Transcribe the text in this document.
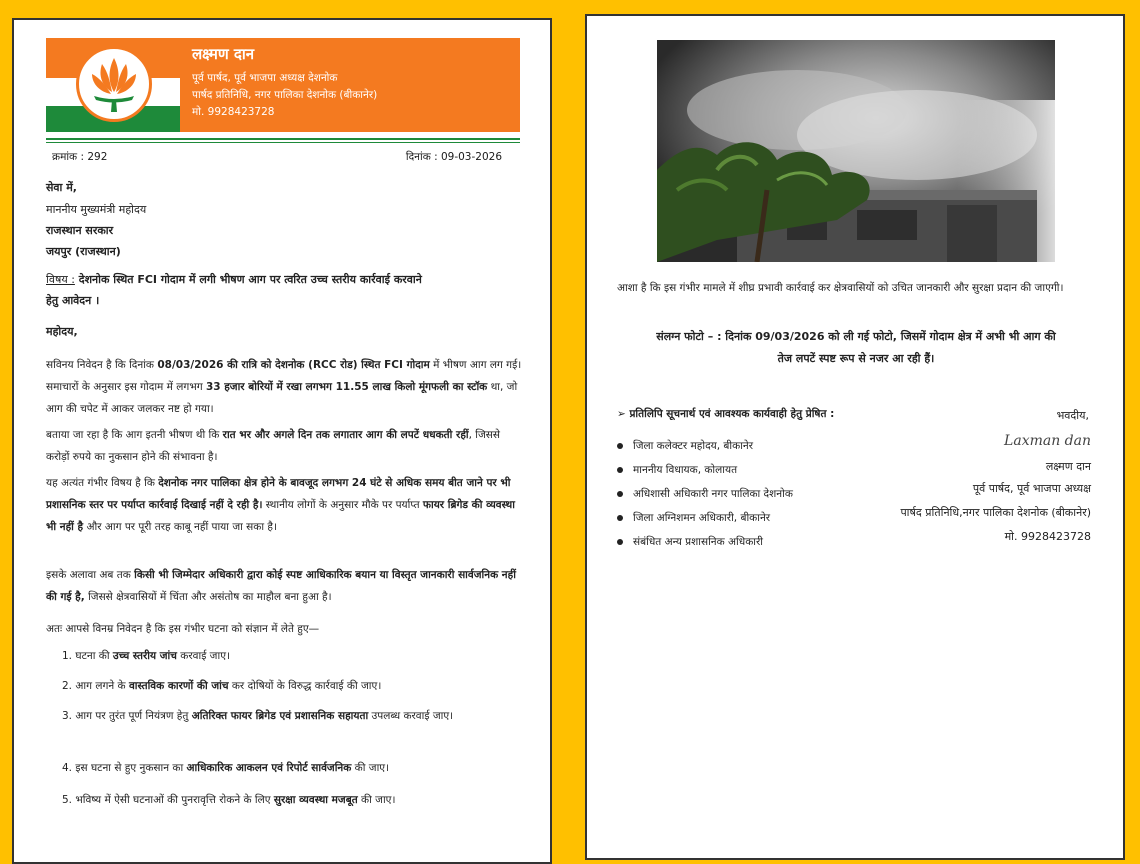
लक्ष्मण दान
पूर्व पार्षद, पूर्व भाजपा अध्यक्ष देशनोक
पार्षद प्रतिनिधि, नगर पालिका देशनोक (बीकानेर)
मो. 9928423728
क्रमांक : 292	दिनांक : 09-03-2026
सेवा में,
माननीय मुख्यमंत्री महोदय
राजस्थान सरकार
जयपुर (राजस्थान)
विषय : देशनोक स्थित FCI गोदाम में लगी भीषण आग पर त्वरित उच्च स्तरीय कार्रवाई करवाने
हेतु आवेदन ।
महोदय,
सविनय निवेदन है कि दिनांक 08/03/2026 की रात्रि को देशनोक (RCC रोड) स्थित FCI गोदाम में भीषण आग लग गई। समाचारों के अनुसार इस गोदाम में लगभग 33 हजार बोरियों में रखा लगभग 11.55 लाख किलो मूंगफली का स्टॉक था, जो आग की चपेट में आकर जलकर नष्ट हो गया।
बताया जा रहा है कि आग इतनी भीषण थी कि रात भर और अगले दिन तक लगातार आग की लपटें धधकती रहीं, जिससे करोड़ों रुपये का नुकसान होने की संभावना है।
यह अत्यंत गंभीर विषय है कि देशनोक नगर पालिका क्षेत्र होने के बावजूद लगभग 24 घंटे से अधिक समय बीत जाने पर भी प्रशासनिक स्तर पर पर्याप्त कार्रवाई दिखाई नहीं दे रही है। स्थानीय लोगों के अनुसार मौके पर पर्याप्त फायर ब्रिगेड की व्यवस्था भी नहीं है और आग पर पूरी तरह काबू नहीं पाया जा सका है।
इसके अलावा अब तक किसी भी जिम्मेदार अधिकारी द्वारा कोई स्पष्ट आधिकारिक बयान या विस्तृत जानकारी सार्वजनिक नहीं की गई है, जिससे क्षेत्रवासियों में चिंता और असंतोष का माहौल बना हुआ है।
अतः आपसे विनम्र निवेदन है कि इस गंभीर घटना को संज्ञान में लेते हुए—
1. घटना की उच्च स्तरीय जांच करवाई जाए।
2. आग लगने के वास्तविक कारणों की जांच कर दोषियों के विरुद्ध कार्रवाई की जाए।
3. आग पर तुरंत पूर्ण नियंत्रण हेतु अतिरिक्त फायर ब्रिगेड एवं प्रशासनिक सहायता उपलब्ध करवाई जाए।
4. इस घटना से हुए नुकसान का आधिकारिक आकलन एवं रिपोर्ट सार्वजनिक की जाए।
5. भविष्य में ऐसी घटनाओं की पुनरावृत्ति रोकने के लिए सुरक्षा व्यवस्था मजबूत की जाए।
आशा है कि इस गंभीर मामले में शीघ्र प्रभावी कार्रवाई कर क्षेत्रवासियों को उचित जानकारी और सुरक्षा प्रदान की जाएगी।
संलग्न फोटो – : दिनांक 09/03/2026 को ली गई फोटो, जिसमें गोदाम क्षेत्र में अभी भी आग की
तेज लपटें स्पष्ट रूप से नजर आ रही हैं।
➢ प्रतिलिपि सूचनार्थ एवं आवश्यक कार्यवाही हेतु प्रेषित :	भवदीय,
जिला कलेक्टर महोदय, बीकानेर
माननीय विधायक, कोलायत
अधिशासी अधिकारी नगर पालिका देशनोक
जिला अग्निशमन अधिकारी, बीकानेर
संबंधित अन्य प्रशासनिक अधिकारी
Laxman dan
लक्ष्मण दान
पूर्व पार्षद, पूर्व भाजपा अध्यक्ष
पार्षद प्रतिनिधि,नगर पालिका देशनोक (बीकानेर)
मो. 9928423728
